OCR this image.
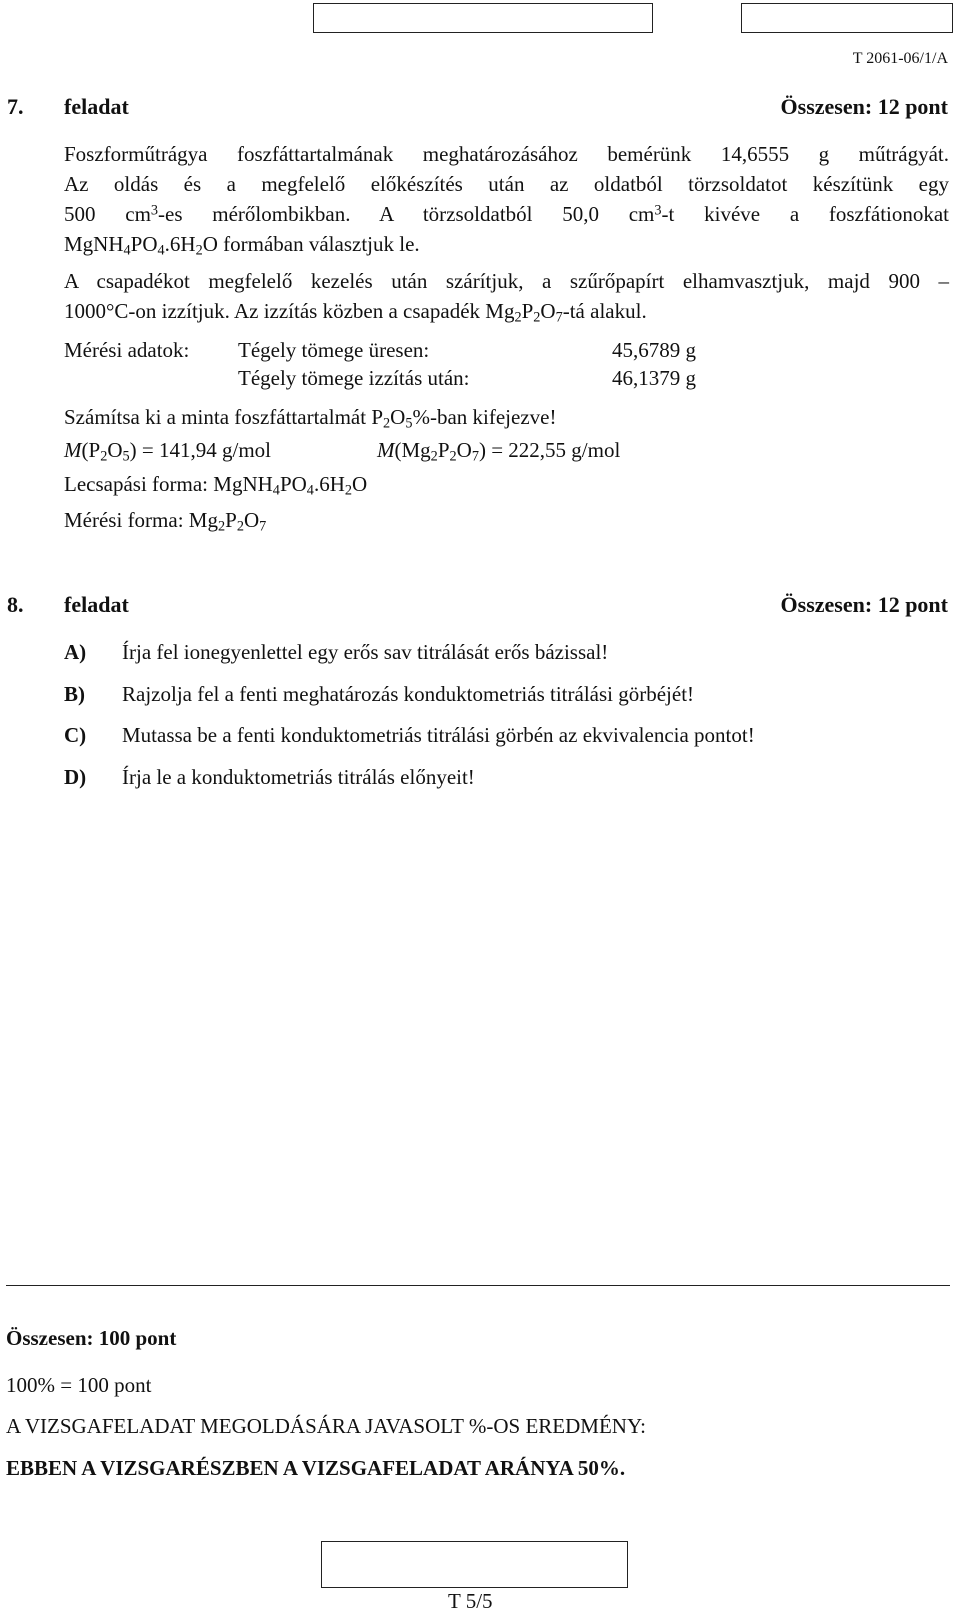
T 2061-06/1/A
7. feladat	Összesen: 12 pont
Foszforműtrágya foszfáttartalmának meghatározásához bemérünk 14,6555 g műtrágyát.
Az oldás és a megfelelő előkészítés után az oldatból törzsoldatot készítünk egy
500 $cm^3-es$ mérőlombikban. A törzsoldatból 50,0 $cm^3-t$ kivéve a foszfátionokat
$MgNH_4PO_4.6H_2O$ formában választjuk le.
A csapadékot megfelelő kezelés után szárítjuk, a szűrőpapírt elhamvasztjuk, majd 900 –
1000°C-on izzítjuk. Az izzítás közben a csapadék $Mg_2P_2O_7-tá$ alakul.
Mérési adatok: Tégely tömege üresen:	45,6789 g
Tégely tömege izzítás után:	46,1379 g
Számítsa ki a minta foszfáttartalmát $P_2O_5\%$-ban kifejezve!
$M(P_2O_5) = 141,94$ g/mol	$M(Mg_2P_2O_7) = 222,55$ g/mol
Lecsapási forma: $MgNH_4PO_4.6H_2O$
Mérési forma: $Mg_2P_2O_7$
8. feladat	Összesen: 12 pont
A) Írja fel ionegyenlettel egy erős sav titrálását erős bázissal!
B) Rajzolja fel a fenti meghatározás konduktometriás titrálási görbéjét!
C) Mutassa be a fenti konduktometriás titrálási görbén az ekvivalencia pontot!
D) Írja le a konduktometriás titrálás előnyeit!
Összesen: 100 pont
100% = 100 pont
A VIZSGAFELADAT MEGOLDÁSÁRA JAVASOLT %-OS EREDMÉNY:
EBBEN A VIZSGARÉSZBEN A VIZSGAFELADAT ARÁNYA 50%.
T 5/5
